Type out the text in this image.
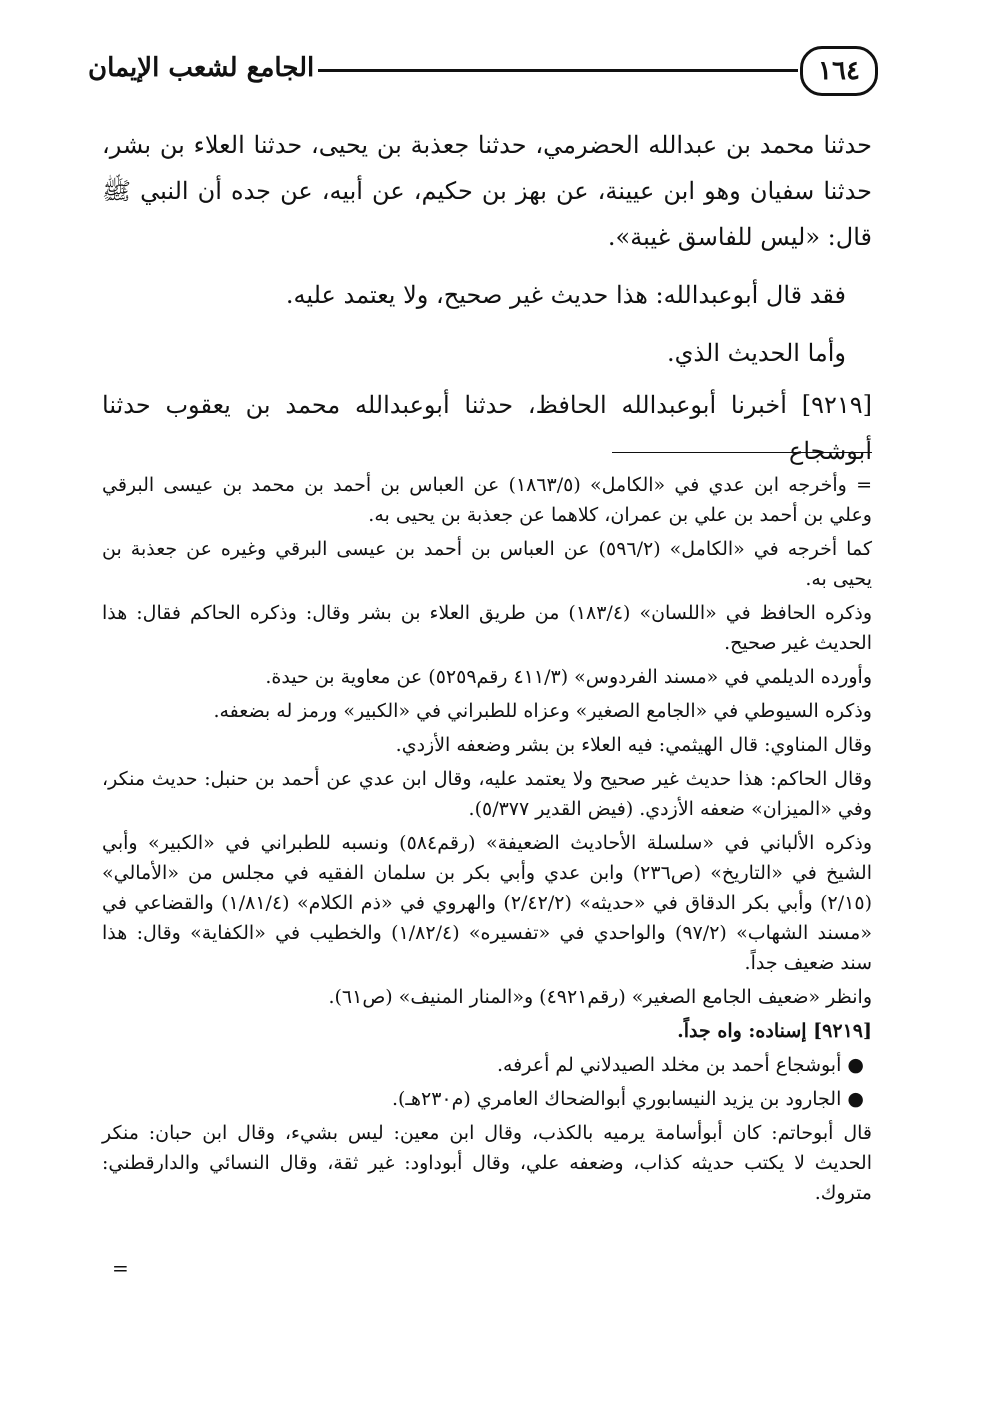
١٦٤
الجامع لشعب الإيمان

حدثنا محمد بن عبدالله الحضرمي، حدثنا جعذبة بن يحيى، حدثنا العلاء بن بشر، حدثنا سفيان وهو ابن عيينة، عن بهز بن حكيم، عن أبيه، عن جده أن النبي ﷺ قال: «ليس للفاسق غيبة».

فقد قال أبوعبدالله: هذا حديث غير صحيح، ولا يعتمد عليه.

وأما الحديث الذي.

[٩٢١٩] أخبرنا أبوعبدالله الحافظ، حدثنا أبوعبدالله محمد بن يعقوب حدثنا أبوشجاع

= وأخرجه ابن عدي في «الكامل» (١٨٦٣/٥) عن العباس بن أحمد بن محمد بن عيسى البرقي وعلي بن أحمد بن علي بن عمران، كلاهما عن جعذبة بن يحيى به.

كما أخرجه في «الكامل» (٥٩٦/٢) عن العباس بن أحمد بن عيسى البرقي وغيره عن جعذبة بن يحيى به.

وذكره الحافظ في «اللسان» (١٨٣/٤) من طريق العلاء بن بشر وقال: وذكره الحاكم فقال: هذا الحديث غير صحيح.

وأورده الديلمي في «مسند الفردوس» (٤١١/٣ رقم٥٢٥٩) عن معاوية بن حيدة.

وذكره السيوطي في «الجامع الصغير» وعزاه للطبراني في «الكبير» ورمز له بضعفه.

وقال المناوي: قال الهيثمي: فيه العلاء بن بشر وضعفه الأزدي.

وقال الحاكم: هذا حديث غير صحيح ولا يعتمد عليه، وقال ابن عدي عن أحمد بن حنبل: حديث منكر، وفي «الميزان» ضعفه الأزدي. (فيض القدير ٥/٣٧٧).

وذكره الألباني في «سلسلة الأحاديث الضعيفة» (رقم٥٨٤) ونسبه للطبراني في «الكبير» وأبي الشيخ في «التاريخ» (ص٢٣٦) وابن عدي وأبي بكر بن سلمان الفقيه في مجلس من «الأمالي» (٢/١٥) وأبي بكر الدقاق في «حديثه» (٢/٤٢/٢) والهروي في «ذم الكلام» (١/٨١/٤) والقضاعي في «مسند الشهاب» (٩٧/٢) والواحدي في «تفسيره» (١/٨٢/٤) والخطيب في «الكفاية» وقال: هذا سند ضعيف جداً.

وانظر «ضعيف الجامع الصغير» (رقم٤٩٢١) و«المنار المنيف» (ص٦١).

[٩٢١٩] إسناده: واه جداً.

● أبوشجاع أحمد بن مخلد الصيدلاني لم أعرفه.

● الجارود بن يزيد النيسابوري أبوالضحاك العامري (م٢٣٠هـ).

قال أبوحاتم: كان أبوأسامة يرميه بالكذب، وقال ابن معين: ليس بشيء، وقال ابن حبان: منكر الحديث لا يكتب حديثه كذاب، وضعفه علي، وقال أبوداود: غير ثقة، وقال النسائي والدارقطني: متروك.

=
